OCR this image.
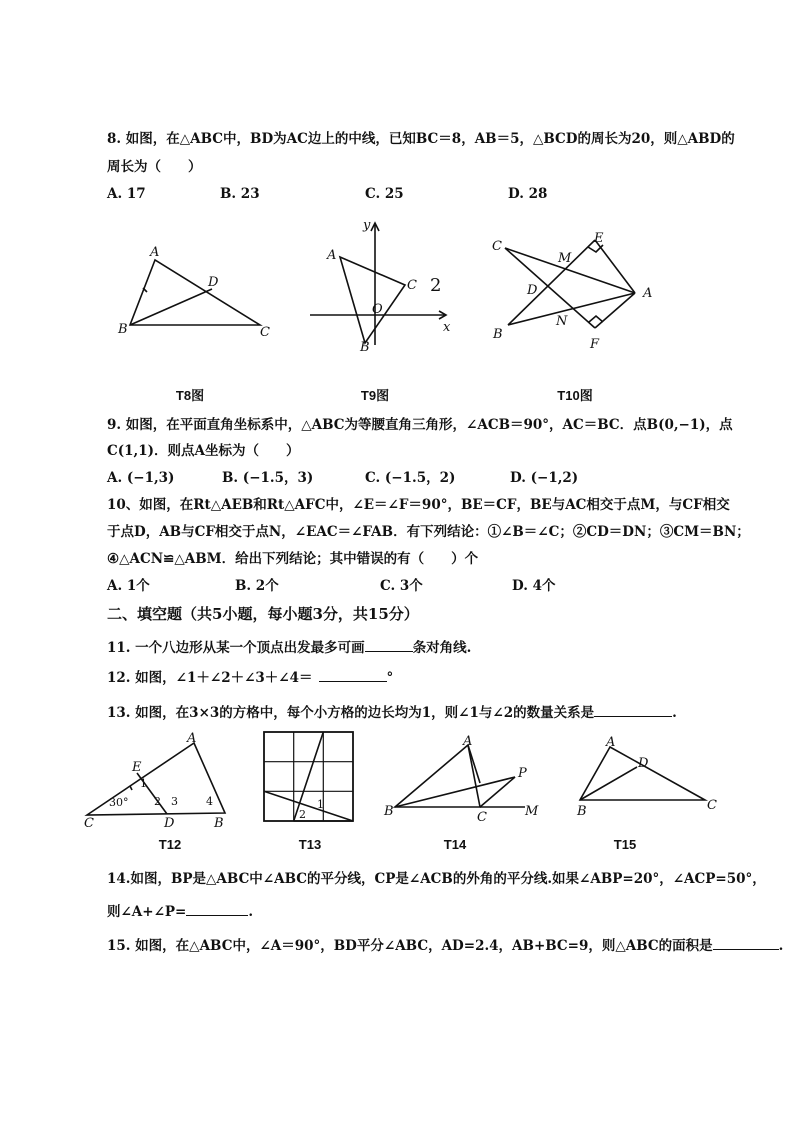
8. 如图，在△ABC中，BD为AC边上的中线，已知BC＝8，AB＝5，△BCD的周长为20，则△ABD的
周长为（　　）
A. 17	B. 23	C. 25	D. 28
A
D
B	C
T8图
y
A
C 2
O
x
B
T9图
C
E
M
D	A
N
B
F
T10图
9. 如图，在平面直角坐标系中，△ABC为等腰直角三角形，∠ACB＝90°，AC＝BC．点B(0,−1)，点
C(1,1)．则点A坐标为（　　）
A. (−1,3)	B. (−1.5，3)	C. (−1.5，2)	D. (−1,2)
10、如图，在Rt△AEB和Rt△AFC中，∠E＝∠F＝90°，BE＝CF，BE与AC相交于点M，与CF相交
于点D，AB与CF相交于点N，∠EAC＝∠FAB．有下列结论：①∠B＝∠C；②CD＝DN；③CM＝BN；
④△ACN≌△ABM．给出下列结论；其中错误的有（　　）个
A. 1个	B. 2个	C. 3个	D. 4个
二、填空题（共5小题，每小题3分，共15分）
11. 一个八边形从某一个顶点出发最多可画	条对角线.
12. 如图，∠1＋∠2＋∠3＋∠4＝	°
13. 如图，在3×3的方格中，每个小方格的边长均为1，则∠1与∠2的数量关系是	.
A
E
1
30° 2 3	4
C	D	B
T12
1
2
T13
A
P
B	C	M
T14
A
D
B	C
T15
14.如图，BP是△ABC中∠ABC的平分线，CP是∠ACB的外角的平分线.如果∠ABP=20°，∠ACP=50°，
则∠A+∠P=	.
15. 如图，在△ABC中，∠A＝90°，BD平分∠ABC，AD=2.4，AB+BC=9，则△ABC的面积是	.
